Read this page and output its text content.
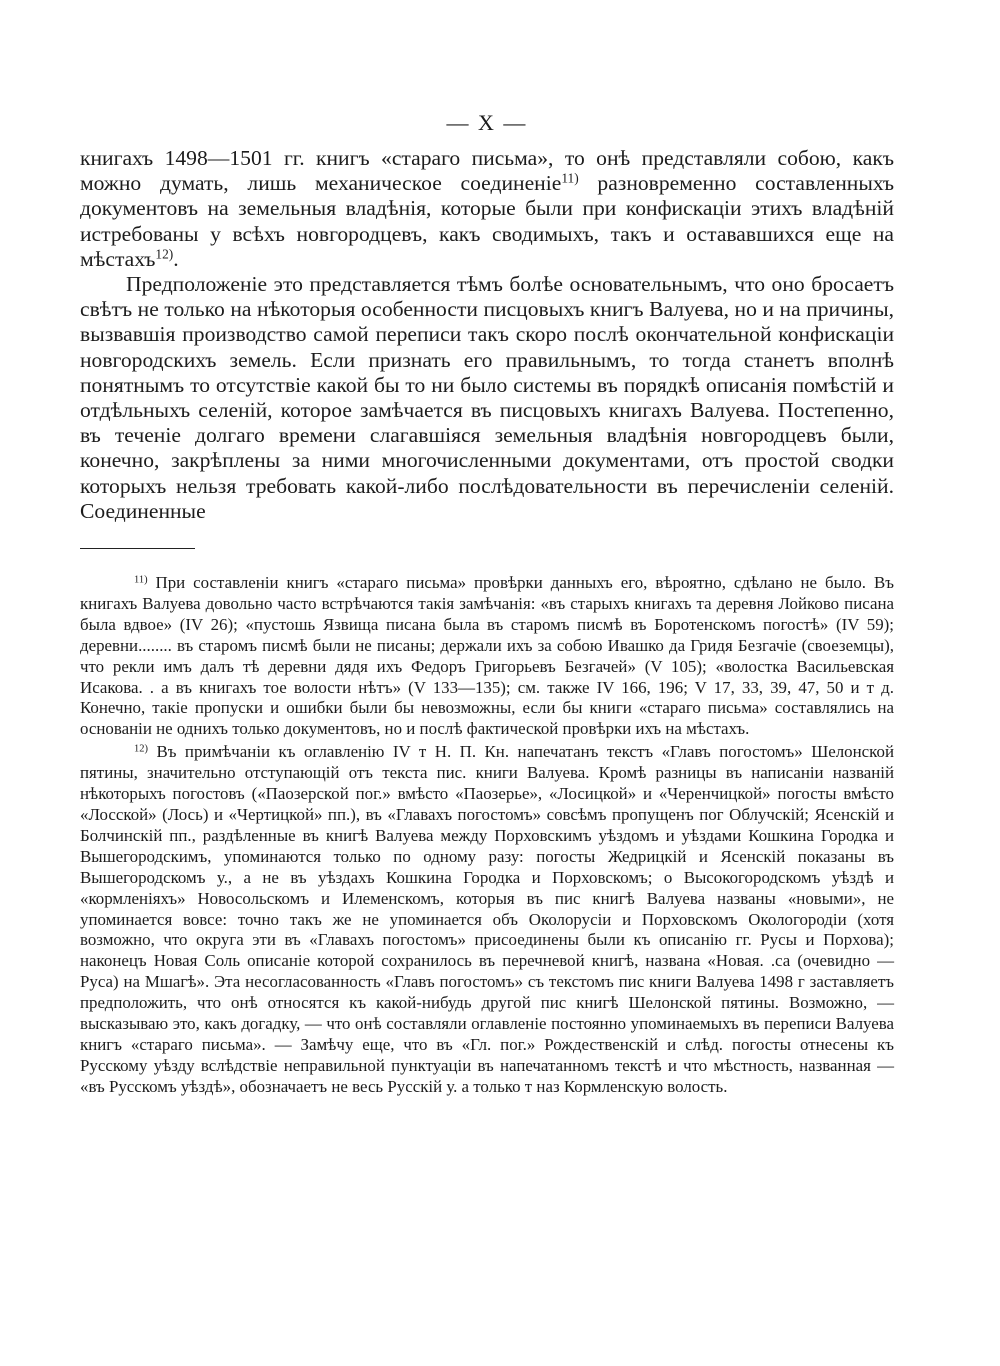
— X —

книгахъ 1498—1501 гг. книгъ «стараго письма», то онѣ представляли собою, какъ можно думать, лишь механическое соединеніе$^{11)}$ разновременно составленныхъ документовъ на земельныя владѣнія, которые были при конфискаціи этихъ владѣній истребованы у всѣхъ новгородцевъ, какъ сводимыхъ, такъ и остававшихся еще на мѣстахъ$^{12)}$.

Предположеніе это представляется тѣмъ болѣе основательнымъ, что оно бросаетъ свѣтъ не только на нѣкоторыя особенности писцовыхъ книгъ Валуева, но и на причины, вызвавшія производство самой переписи такъ скоро послѣ окончательной конфискаціи новгородскихъ земель. Если признать его правильнымъ, то тогда станетъ вполнѣ понятнымъ то отсутствіе какой бы то ни было системы въ порядкѣ описанія помѣстій и отдѣльныхъ селеній, которое замѣчается въ писцовыхъ книгахъ Валуева. Постепенно, въ теченіе долгаго времени слагавшіяся земельныя владѣнія новгородцевъ были, конечно, закрѣплены за ними многочисленными документами, отъ простой сводки которыхъ нельзя требовать какой-либо послѣдовательности въ перечисленіи селеній. Соединенные

$^{11)}$ При составленіи книгъ «стараго письма» провѣрки данныхъ его, вѣроятно, сдѣлано не было. Въ книгахъ Валуева довольно часто встрѣчаются такія замѣчанія: «въ старыхъ книгахъ та деревня Лойково писана была вдвое» (IV 26); «пустошь Язвища писана была въ старомъ писмѣ въ Боротенскомъ погостѣ» (IV 59); деревни........ въ старомъ писмѣ были не писаны; держали ихъ за собою Ивашко да Гридя Безгачіе (своеземцы), что рекли имъ далъ тѣ деревни дядя ихъ Федоръ Григорьевъ Безгачей» (V 105); «волостка Васильевская Исакова. . а въ книгахъ тое волости нѣтъ» (V 133—135); см. также IV 166, 196; V 17, 33, 39, 47, 50 и т д. Конечно, такіе пропуски и ошибки были бы невозможны, если бы книги «стараго письма» составлялись на основаніи не однихъ только документовъ, но и послѣ фактической провѣрки ихъ на мѣстахъ.

$^{12)}$ Въ примѣчаніи къ оглавленію IV т Н. П. Кн. напечатанъ текстъ «Главъ погостомъ» Шелонской пятины, значительно отступающій отъ текста пис. книги Валуева. Кромѣ разницы въ написаніи названій нѣкоторыхъ погостовъ («Паозерской пог.» вмѣсто «Паозерье», «Лосицкой» и «Черенчицкой» погосты вмѣсто «Лосской» (Лось) и «Чертицкой» пп.), въ «Главахъ погостомъ» совсѣмъ пропущенъ пог Облучскій; Ясенскій и Болчинскій пп., раздѣленные въ книгѣ Валуева между Порховскимъ уѣздомъ и уѣздами Кошкина Городка и Вышегородскимъ, упоминаются только по одному разу: погосты Жедрицкій и Ясенскій показаны въ Вышегородскомъ у., а не въ уѣздахъ Кошкина Городка и Порховскомъ; о Высокогородскомъ уѣздѣ и «кормленіяхъ» Новосольскомъ и Илеменскомъ, которыя въ пис книгѣ Валуева названы «новыми», не упоминается вовсе: точно такъ же не упоминается объ Околорусіи и Порховскомъ Окологородіи (хотя возможно, что округа эти въ «Главахъ погостомъ» присоединены были къ описанію гг. Русы и Порхова); наконецъ Новая Соль описаніе которой сохранилось въ перечневой книгѣ, названа «Новая. .са (очевидно — Руса) на Мшагѣ». Эта несогласованность «Главъ погостомъ» съ текстомъ пис книги Валуева 1498 г заставляетъ предположить, что онѣ относятся къ какой-нибудь другой пис книгѣ Шелонской пятины. Возможно, — высказываю это, какъ догадку, — что онѣ составляли оглавленіе постоянно упоминаемыхъ въ переписи Валуева книгъ «стараго письма». — Замѣчу еще, что въ «Гл. пог.» Рождественскій и слѣд. погосты отнесены къ Русскому уѣзду вслѣдствіе неправильной пунктуаціи въ напечатанномъ текстѣ и что мѣстность, названная — «въ Русскомъ уѣздѣ», обозначаетъ не весь Русскій у. а только т наз Кормленскую волость.
